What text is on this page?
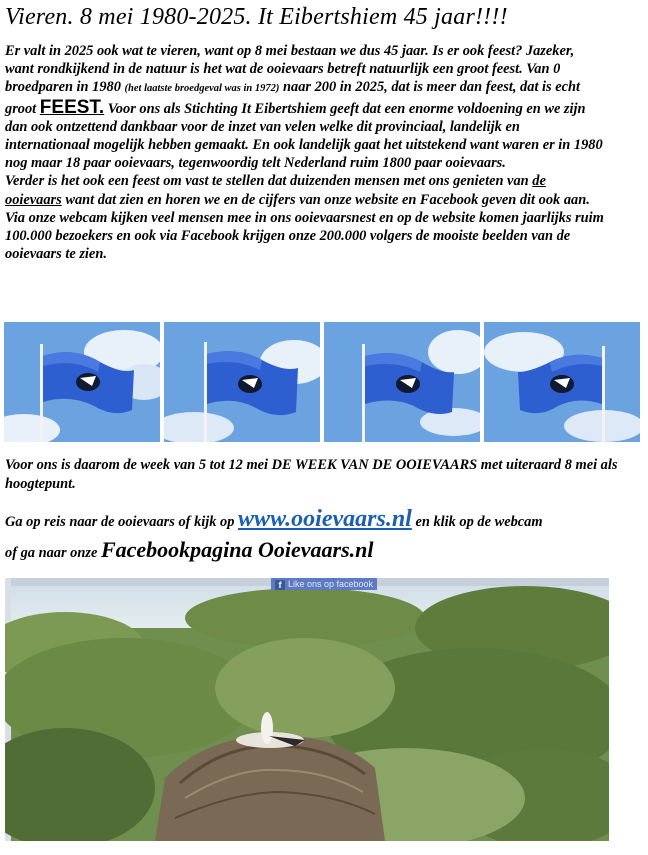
Vieren. 8 mei 1980-2025. It Eibertshiem 45 jaar!!!!
Er valt in 2025 ook wat te vieren, want op 8 mei bestaan we dus 45 jaar. Is er ook feest? Jazeker, want rondkijkend in de natuur is het wat de ooievaars betreft natuurlijk een groot feest. Van 0 broedparen in 1980 (het laatste broedgeval was in 1972) naar 200 in 2025, dat is meer dan feest, dat is echt groot FEEST. Voor ons als Stichting It Eibertshiem geeft dat een enorme voldoening en we zijn dan ook ontzettend dankbaar voor de inzet van velen welke dit provinciaal, landelijk en internationaal mogelijk hebben gemaakt. En ook landelijk gaat het uitstekend want waren er in 1980 nog maar 18 paar ooievaars, tegenwoordig telt Nederland ruim 1800 paar ooievaars.
Verder is het ook een feest om vast te stellen dat duizenden mensen met ons genieten van de ooievaars want dat zien en horen we en de cijfers van onze website en Facebook geven dit ook aan. Via onze webcam kijken veel mensen mee in ons ooievaarsnest en op de website komen jaarlijks ruim 100.000 bezoekers en ook via Facebook krijgen onze 200.000 volgers de mooiste beelden van de ooievaars te zien.
Voor ons is daarom de week van 5 tot 12 mei DE WEEK VAN DE OOIEVAARS met uiteraard 8 mei als hoogtepunt.
Ga op reis naar de ooievaars of kijk op www.ooievaars.nl en klik op de webcam
of ga naar onze Facebookpagina Ooievaars.nl
f Like ons op facebook
